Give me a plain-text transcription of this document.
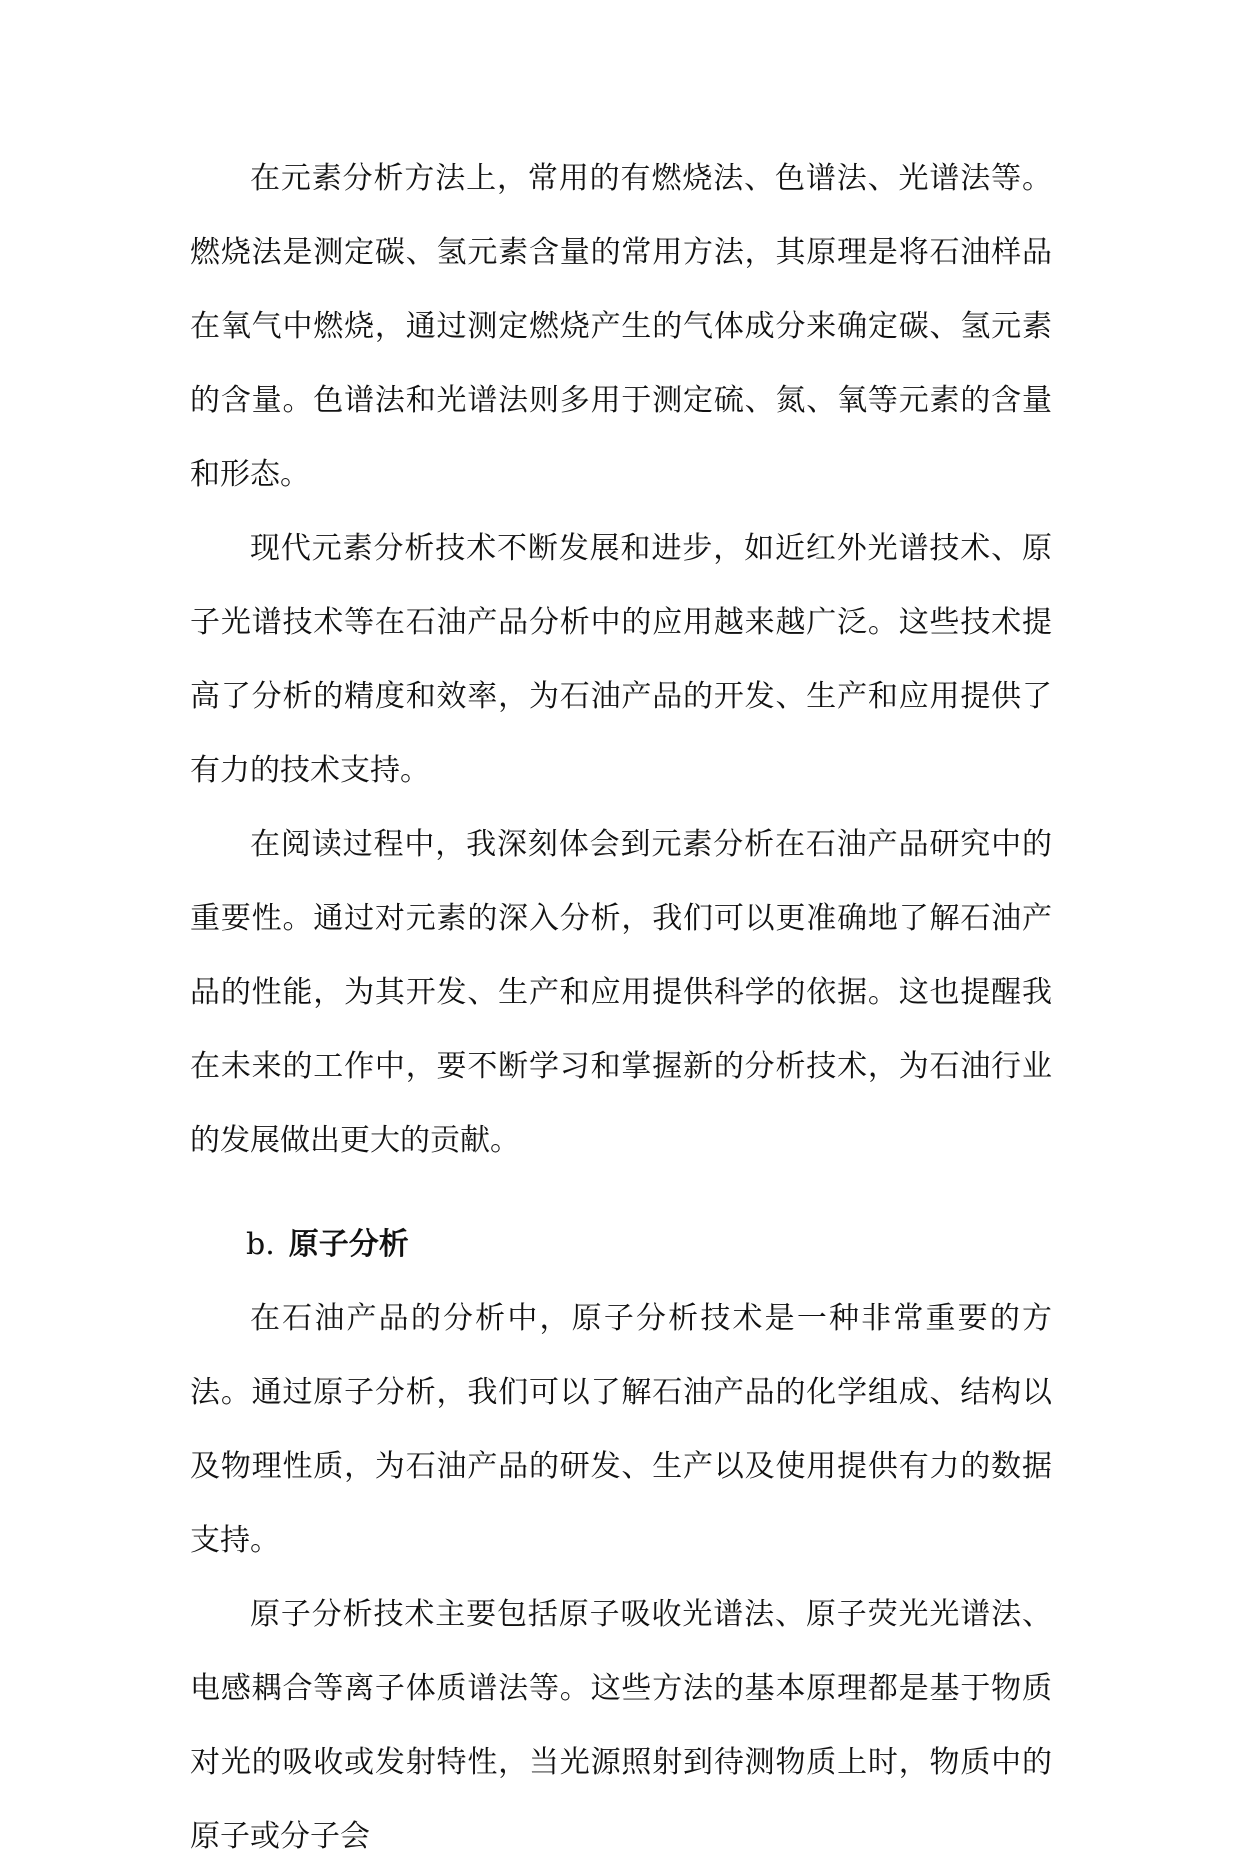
在元素分析方法上，常用的有燃烧法、色谱法、光谱法等。燃烧法是测定碳、氢元素含量的常用方法，其原理是将石油样品在氧气中燃烧，通过测定燃烧产生的气体成分来确定碳、氢元素的含量。色谱法和光谱法则多用于测定硫、氮、氧等元素的含量和形态。

现代元素分析技术不断发展和进步，如近红外光谱技术、原子光谱技术等在石油产品分析中的应用越来越广泛。这些技术提高了分析的精度和效率，为石油产品的开发、生产和应用提供了有力的技术支持。

在阅读过程中，我深刻体会到元素分析在石油产品研究中的重要性。通过对元素的深入分析，我们可以更准确地了解石油产品的性能，为其开发、生产和应用提供科学的依据。这也提醒我在未来的工作中，要不断学习和掌握新的分析技术，为石油行业的发展做出更大的贡献。

b. 原子分析

在石油产品的分析中，原子分析技术是一种非常重要的方法。通过原子分析，我们可以了解石油产品的化学组成、结构以及物理性质，为石油产品的研发、生产以及使用提供有力的数据支持。

原子分析技术主要包括原子吸收光谱法、原子荧光光谱法、电感耦合等离子体质谱法等。这些方法的基本原理都是基于物质对光的吸收或发射特性，当光源照射到待测物质上时，物质中的原子或分子会
